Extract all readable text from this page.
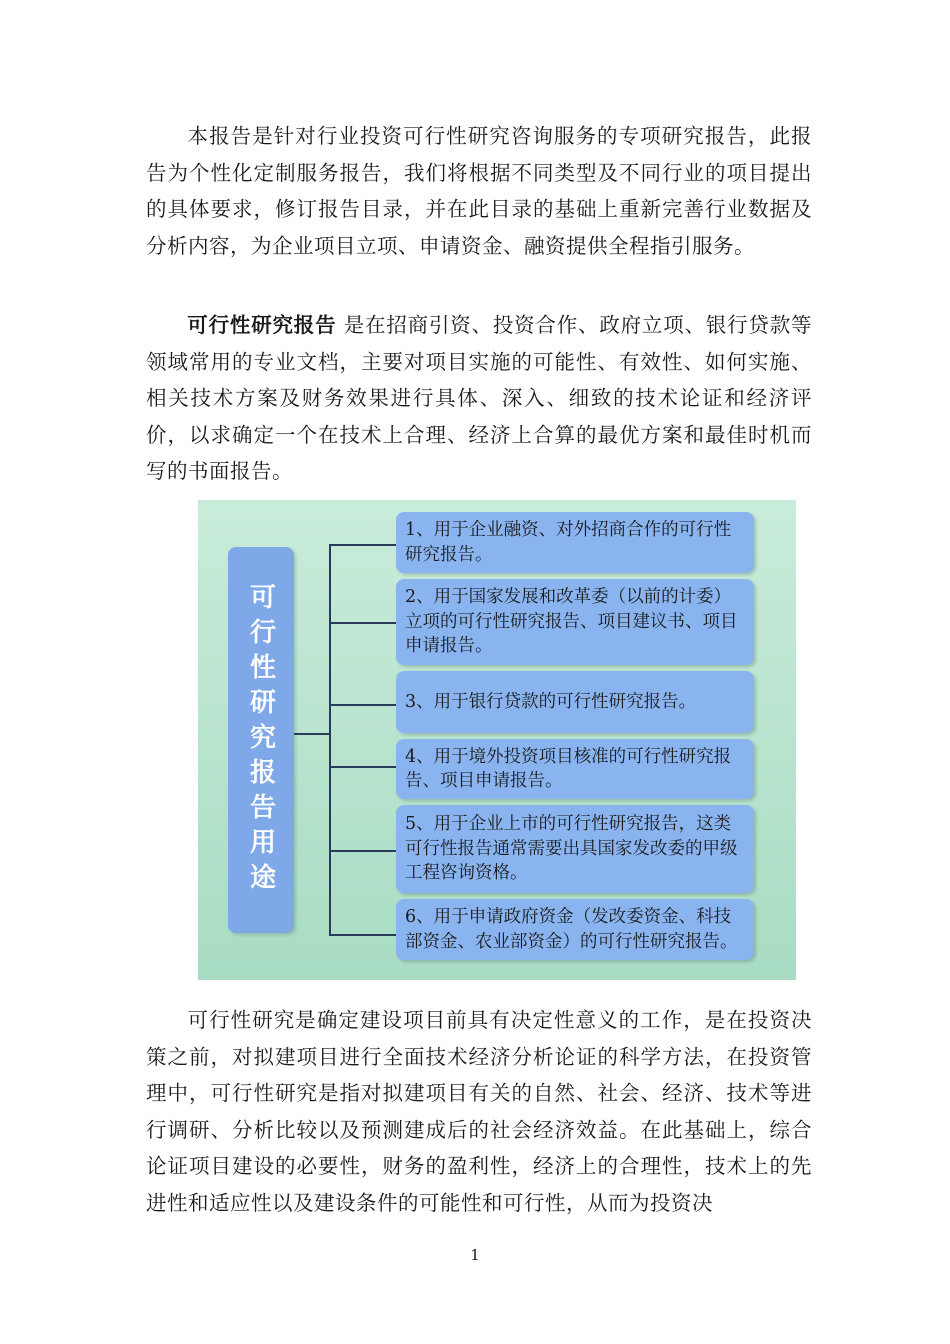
本报告是针对行业投资可行性研究咨询服务的专项研究报告，此报告为个性化定制服务报告，我们将根据不同类型及不同行业的项目提出的具体要求，修订报告目录，并在此目录的基础上重新完善行业数据及分析内容，为企业项目立项、申请资金、融资提供全程指引服务。

可行性研究报告 是在招商引资、投资合作、政府立项、银行贷款等领域常用的专业文档，主要对项目实施的可能性、有效性、如何实施、相关技术方案及财务效果进行具体、深入、细致的技术论证和经济评价，以求确定一个在技术上合理、经济上合算的最优方案和最佳时机而写的书面报告。

可行性研究报告用途
1、用于企业融资、对外招商合作的可行性研究报告。
2、用于国家发展和改革委（以前的计委）立项的可行性研究报告、项目建议书、项目申请报告。
3、用于银行贷款的可行性研究报告。
4、用于境外投资项目核准的可行性研究报告、项目申请报告。
5、用于企业上市的可行性研究报告，这类可行性报告通常需要出具国家发改委的甲级工程咨询资格。
6、用于申请政府资金（发改委资金、科技部资金、农业部资金）的可行性研究报告。

可行性研究是确定建设项目前具有决定性意义的工作，是在投资决策之前，对拟建项目进行全面技术经济分析论证的科学方法，在投资管理中，可行性研究是指对拟建项目有关的自然、社会、经济、技术等进行调研、分析比较以及预测建成后的社会经济效益。在此基础上，综合论证项目建设的必要性，财务的盈利性，经济上的合理性，技术上的先进性和适应性以及建设条件的可能性和可行性，从而为投资决

1
